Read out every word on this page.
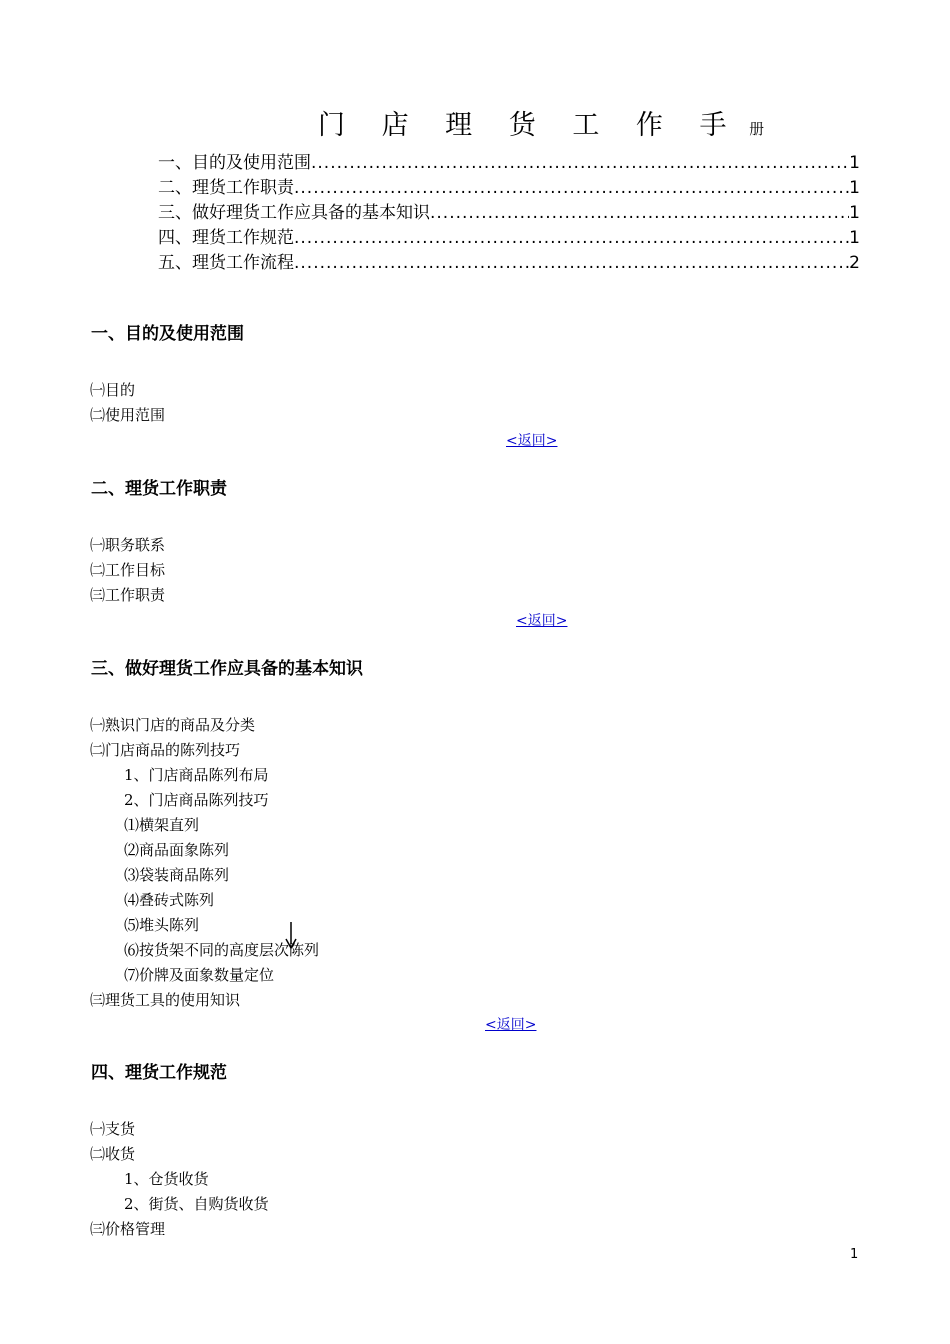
门 店 理 货 工 作 手 册
一、目的及使用范围 .....	1
二、理货工作职责 .....	1
三、做好理货工作应具备的基本知识 .....	1
四、理货工作规范 .....	1
五、理货工作流程 .....	2
一、目的及使用范围
㈠目的
㈡使用范围
<返回>
二、理货工作职责
㈠职务联系
㈡工作目标
㈢工作职责
<返回>
三、做好理货工作应具备的基本知识
㈠熟识门店的商品及分类
㈡门店商品的陈列技巧
1、门店商品陈列布局
2、门店商品陈列技巧
⑴横架直列
⑵商品面象陈列
⑶袋装商品陈列
⑷叠砖式陈列
⑸堆头陈列
⑹按货架不同的高度层次陈列
⑺价牌及面象数量定位
㈢理货工具的使用知识
<返回>
四、理货工作规范
㈠支货
㈡收货
1、仓货收货
2、街货、自购货收货
㈢价格管理
1
